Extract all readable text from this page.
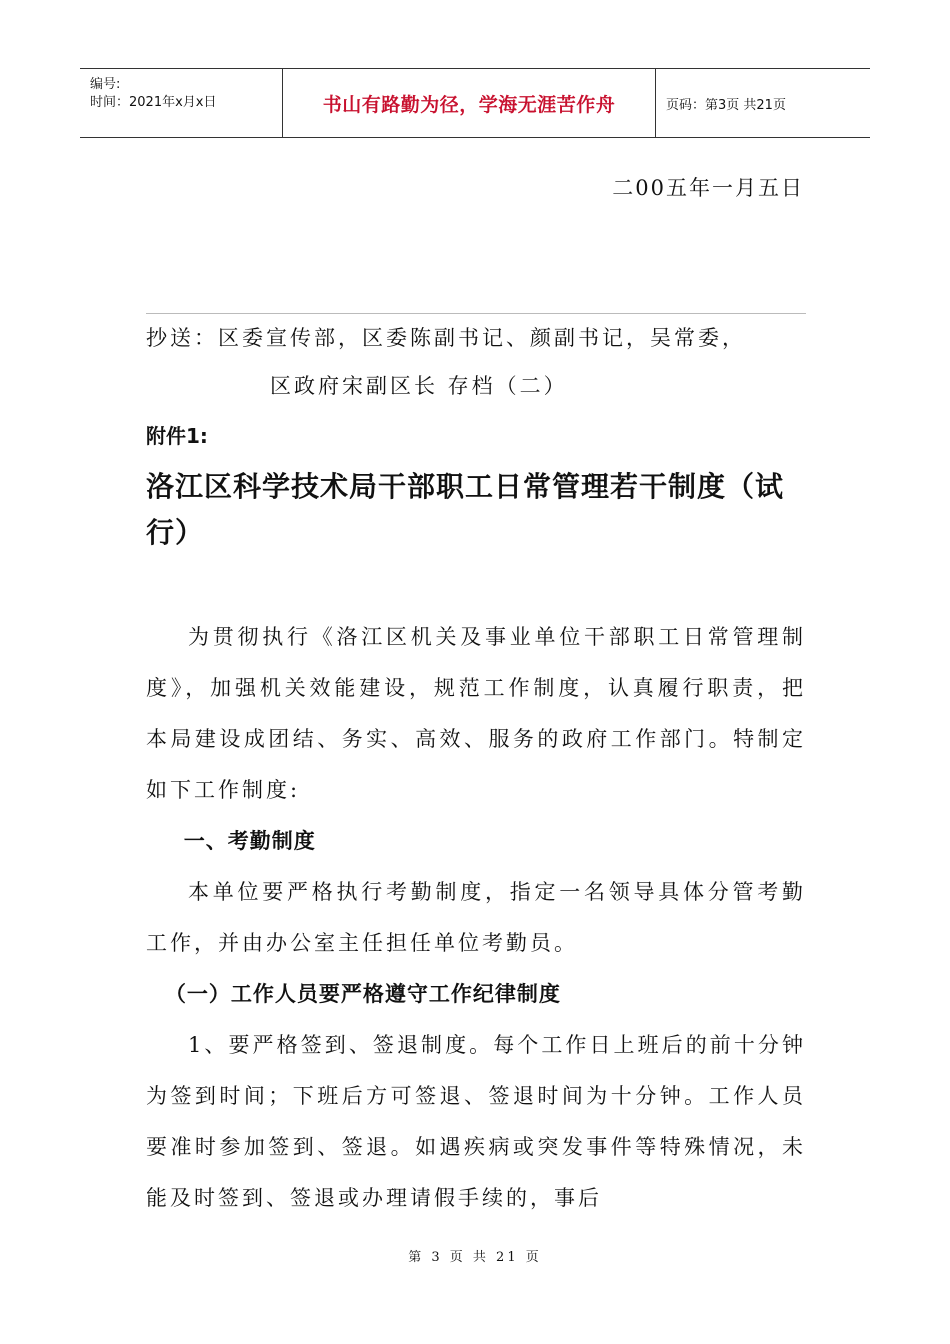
编号:
时间：2021年x月x日	书山有路勤为径，学海无涯苦作舟	页码：第3页 共21页
二00五年一月五日
抄送：区委宣传部，区委陈副书记、颜副书记，吴常委，
区政府宋副区长 存档（二）
附件1:
洛江区科学技术局干部职工日常管理若干制度（试行）

为贯彻执行《洛江区机关及事业单位干部职工日常管理制度》，加强机关效能建设，规范工作制度，认真履行职责，把本局建设成团结、务实、高效、服务的政府工作部门。特制定如下工作制度:

一、考勤制度

本单位要严格执行考勤制度，指定一名领导具体分管考勤工作，并由办公室主任担任单位考勤员。

（一）工作人员要严格遵守工作纪律制度

1、要严格签到、签退制度。每个工作日上班后的前十分钟为签到时间；下班后方可签退、签退时间为十分钟。工作人员要准时参加签到、签退。如遇疾病或突发事件等特殊情况，未能及时签到、签退或办理请假手续的，事后

第 3 页 共 21 页
